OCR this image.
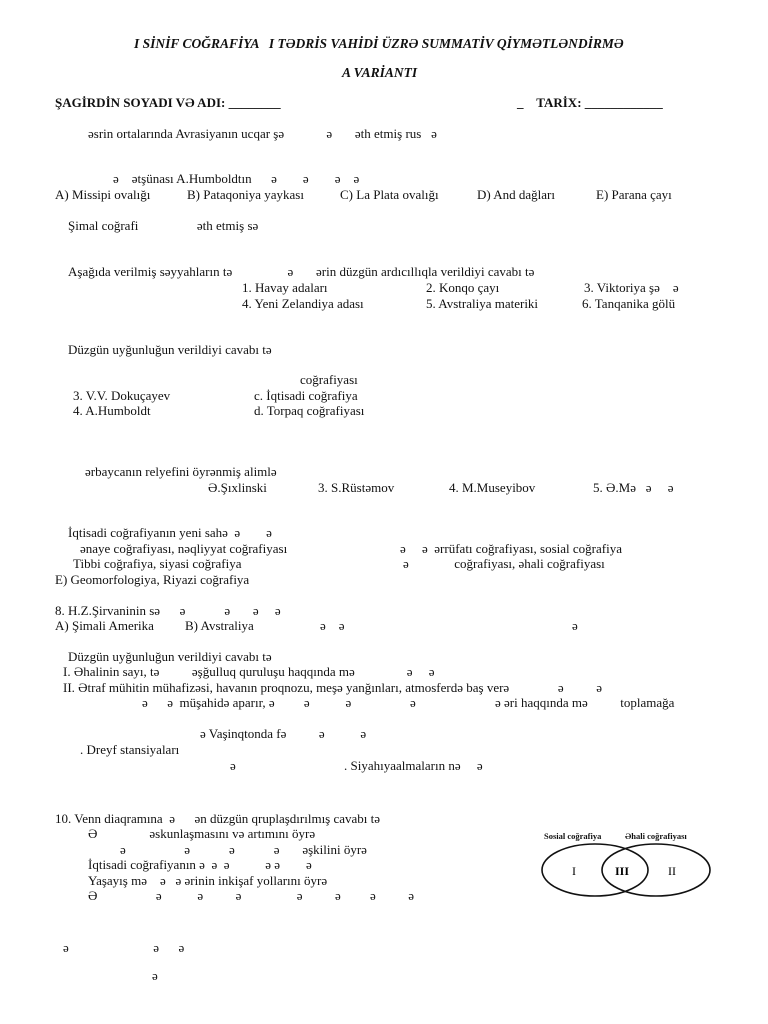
I SİNİF COĞRAFİYA   I TƏDRİS VAHİDİ ÜZRƏ SUMMATİV QİYMƏTLƏNDİRMƏ
A VARİANTI
ŞAGİRDİN SOYADI VƏ ADI: ________	_    TARİX: ____________
əsrin ortalarında Avrasiyanın ucqar şə             ə       əth etmiş rus   ə
ə    ətşünası A.Humboldtın      ə        ə        ə    ə
A) Missipi ovalığı	B) Pataqoniya yaykası	C) La Plata ovalığı	D) And dağları	E) Parana çayı
Şimal coğrafi                  əth etmiş sə
Aşağıda verilmiş səyyahların tə                 ə       ərin düzgün ardıcıllıqla verildiyi cavabı tə
1. Havay adaları	2. Konqo çayı	3. Viktoriya şə    ə
4. Yeni Zelandiya adası	5. Avstraliya materiki	6. Tanqanika gölü
Düzgün uyğunluğun verildiyi cavabı tə
coğrafiyası
3. V.V. Dokuçayev	c. İqtisadi coğrafiya
4. A.Humboldt	d. Torpaq coğrafiyası
ərbaycanın relyefini öyrənmiş alimlə
Ə.Şıxlinski	3. S.Rüstəmov	4. M.Museyibov	5. Ə.Mə   ə     ə
İqtisadi coğrafiyanın yeni sahə  ə        ə
ənaye coğrafiyası, nəqliyyat coğrafiyası	ə     ə  ərrüfatı coğrafiyası, sosial coğrafiya
Tibbi coğrafiya, siyasi coğrafiya	ə              coğrafiyası, əhali coğrafiyası
E) Geomorfologiya, Riyazi coğrafiya
8. H.Z.Şirvaninin sə      ə            ə       ə     ə
A) Şimali Amerika B) Avstraliya	ə    ə	ə
Düzgün uyğunluğun verildiyi cavabı tə
I. Əhalinin sayı, tə          əşğulluq quruluşu haqqında mə                ə     ə
II. Ətraf mühitin mühafizəsi, havanın proqnozu, meşə yanğınları, atmosferdə baş verə               ə          ə
ə      ə  müşahidə aparır, ə         ə           ə	ə	ə əri haqqında mə          toplamağa
ə Vaşinqtonda fə          ə           ə
. Dreyf stansiyaları
ə	. Siyahıyaalmaların nə     ə
10. Venn diaqramına  ə      ən düzgün qruplaşdırılmış cavabı tə
Ə                əskunlaşmasını və artımını öyrə
ə                  ə            ə            ə       əşkilini öyrə
İqtisadi coğrafiyanın ə  ə  ə           ə ə        ə
Yaşayış mə    ə   ə ərinin inkişaf yollarını öyrə
Ə                  ə           ə          ə                 ə          ə         ə          ə
ə                          ə      ə
ə
Sosial coğrafiya	Əhali coğrafiyası
I	III	II
